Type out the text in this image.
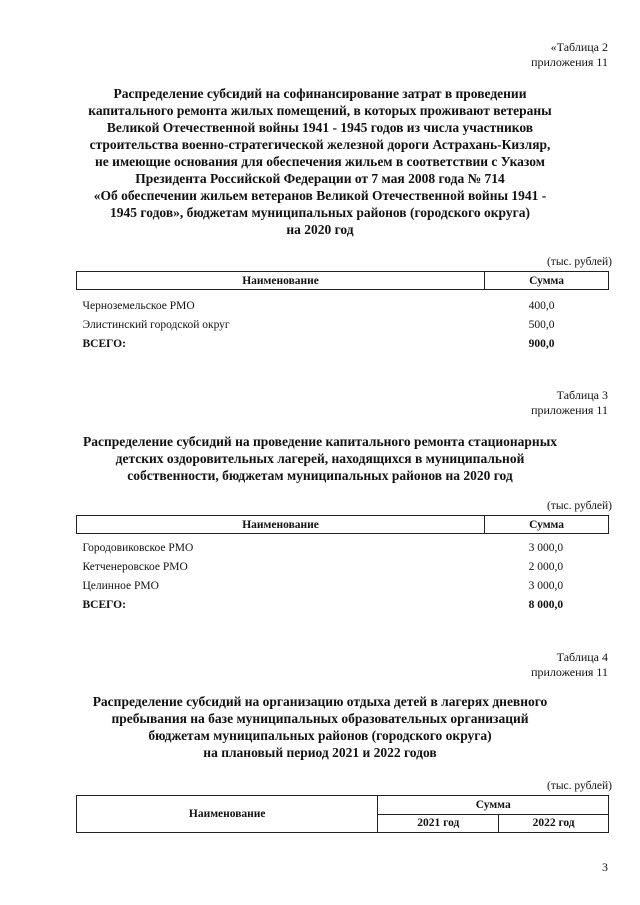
«Таблица 2
приложения 11
Распределение субсидий на софинансирование затрат в проведении
капитального ремонта жилых помещений, в которых проживают ветераны
Великой Отечественной войны 1941 - 1945 годов из числа участников
строительства военно-стратегической железной дороги Астрахань-Кизляр,
не имеющие основания для обеспечения жильем в соответствии с Указом
Президента Российской Федерации от 7 мая 2008 года № 714
«Об обеспечении жильем ветеранов Великой Отечественной войны 1941 -
1945 годов», бюджетам муниципальных районов (городского округа)
на 2020 год
(тыс. рублей)
Наименование	Сумма

Черноземельское РМО	400,0
Элистинский городской округ	500,0
ВСЕГО:	900,0
Таблица 3
приложения 11
Распределение субсидий на проведение капитального ремонта стационарных
детских оздоровительных лагерей, находящихся в муниципальной
собственности, бюджетам муниципальных районов на 2020 год
(тыс. рублей)
Наименование	Сумма

Городовиковское РМО	3 000,0
Кетченеровское РМО	2 000,0
Целинное РМО	3 000,0
ВСЕГО:	8 000,0
Таблица 4
приложения 11
Распределение субсидий на организацию отдыха детей в лагерях дневного
пребывания на базе муниципальных образовательных организаций
бюджетам муниципальных районов (городского округа)
на плановый период 2021 и 2022 годов
(тыс. рублей)
Наименование	Сумма	
	2021 год	2022 год
3
